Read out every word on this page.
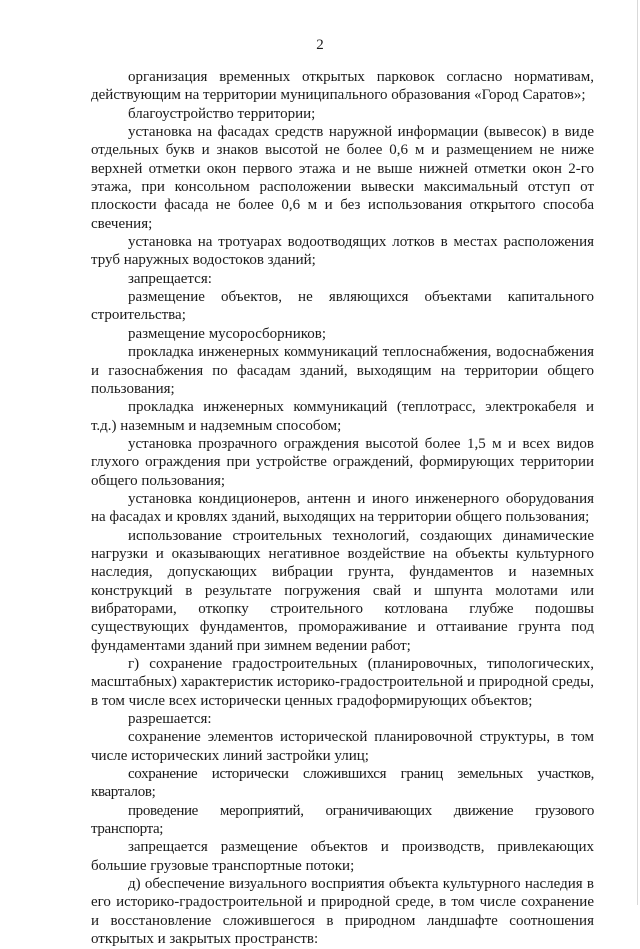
2

организация временных открытых парковок согласно нормативам, действующим на территории муниципального образования «Город Саратов»;

благоустройство территории;

установка на фасадах средств наружной информации (вывесок) в виде отдельных букв и знаков высотой не более 0,6 м и размещением не ниже верхней отметки окон первого этажа и не выше нижней отметки окон 2-го этажа, при консольном расположении вывески максимальный отступ от плоскости фасада не более 0,6 м и без использования открытого способа свечения;

установка на тротуарах водоотводящих лотков в местах расположения труб наружных водостоков зданий;

запрещается:

размещение объектов, не являющихся объектами капитального строительства;

размещение мусоросборников;

прокладка инженерных коммуникаций теплоснабжения, водоснабжения и газоснабжения по фасадам зданий, выходящим на территории общего пользования;

прокладка инженерных коммуникаций (теплотрасс, электрокабеля и т.д.) наземным и надземным способом;

установка прозрачного ограждения высотой более 1,5 м и всех видов глухого ограждения при устройстве ограждений, формирующих территории общего пользования;

установка кондиционеров, антенн и иного инженерного оборудования на фасадах и кровлях зданий, выходящих на территории общего пользования;

использование строительных технологий, создающих динамические нагрузки и оказывающих негативное воздействие на объекты культурного наследия, допускающих вибрации грунта, фундаментов и наземных конструкций в результате погружения свай и шпунта молотами или вибраторами, откопку строительного котлована глубже подошвы существующих фундаментов, промораживание и оттаивание грунта под фундаментами зданий при зимнем ведении работ;

г) сохранение градостроительных (планировочных, типологических, масштабных) характеристик историко-градостроительной и природной среды, в том числе всех исторически ценных градоформирующих объектов;

разрешается:

сохранение элементов исторической планировочной структуры, в том числе исторических линий застройки улиц;

сохранение исторически сложившихся границ земельных участков, кварталов;

проведение мероприятий, ограничивающих движение грузового транспорта;

запрещается размещение объектов и производств, привлекающих большие грузовые транспортные потоки;

д) обеспечение визуального восприятия объекта культурного наследия в его историко-градостроительной и природной среде, в том числе сохранение и восстановление сложившегося в природном ландшафте соотношения открытых и закрытых пространств:
